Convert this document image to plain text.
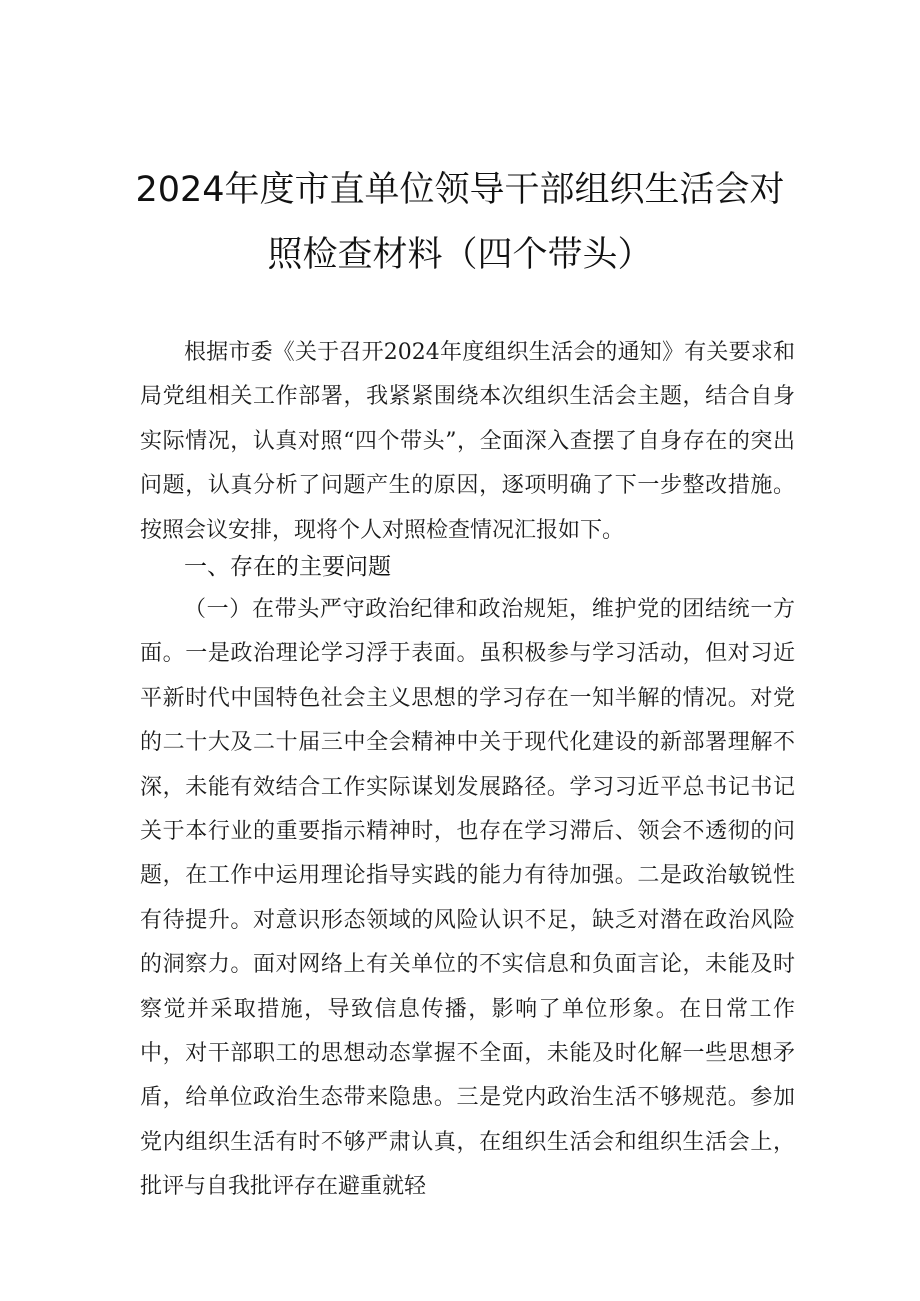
2024年度市直单位领导干部组织生活会对
照检查材料（四个带头）

根据市委《关于召开2024年度组织生活会的通知》有关要求和局党组相关工作部署，我紧紧围绕本次组织生活会主题，结合自身实际情况，认真对照“四个带头”，全面深入查摆了自身存在的突出问题，认真分析了问题产生的原因，逐项明确了下一步整改措施。按照会议安排，现将个人对照检查情况汇报如下。

一、存在的主要问题

（一）在带头严守政治纪律和政治规矩，维护党的团结统一方面。一是政治理论学习浮于表面。虽积极参与学习活动，但对习近平新时代中国特色社会主义思想的学习存在一知半解的情况。对党的二十大及二十届三中全会精神中关于现代化建设的新部署理解不深，未能有效结合工作实际谋划发展路径。学习习近平总书记书记关于本行业的重要指示精神时，也存在学习滞后、领会不透彻的问题，在工作中运用理论指导实践的能力有待加强。二是政治敏锐性有待提升。对意识形态领域的风险认识不足，缺乏对潜在政治风险的洞察力。面对网络上有关单位的不实信息和负面言论，未能及时察觉并采取措施，导致信息传播，影响了单位形象。在日常工作中，对干部职工的思想动态掌握不全面，未能及时化解一些思想矛盾，给单位政治生态带来隐患。三是党内政治生活不够规范。参加党内组织生活有时不够严肃认真，在组织生活会和组织生活会上，批评与自我批评存在避重就轻
